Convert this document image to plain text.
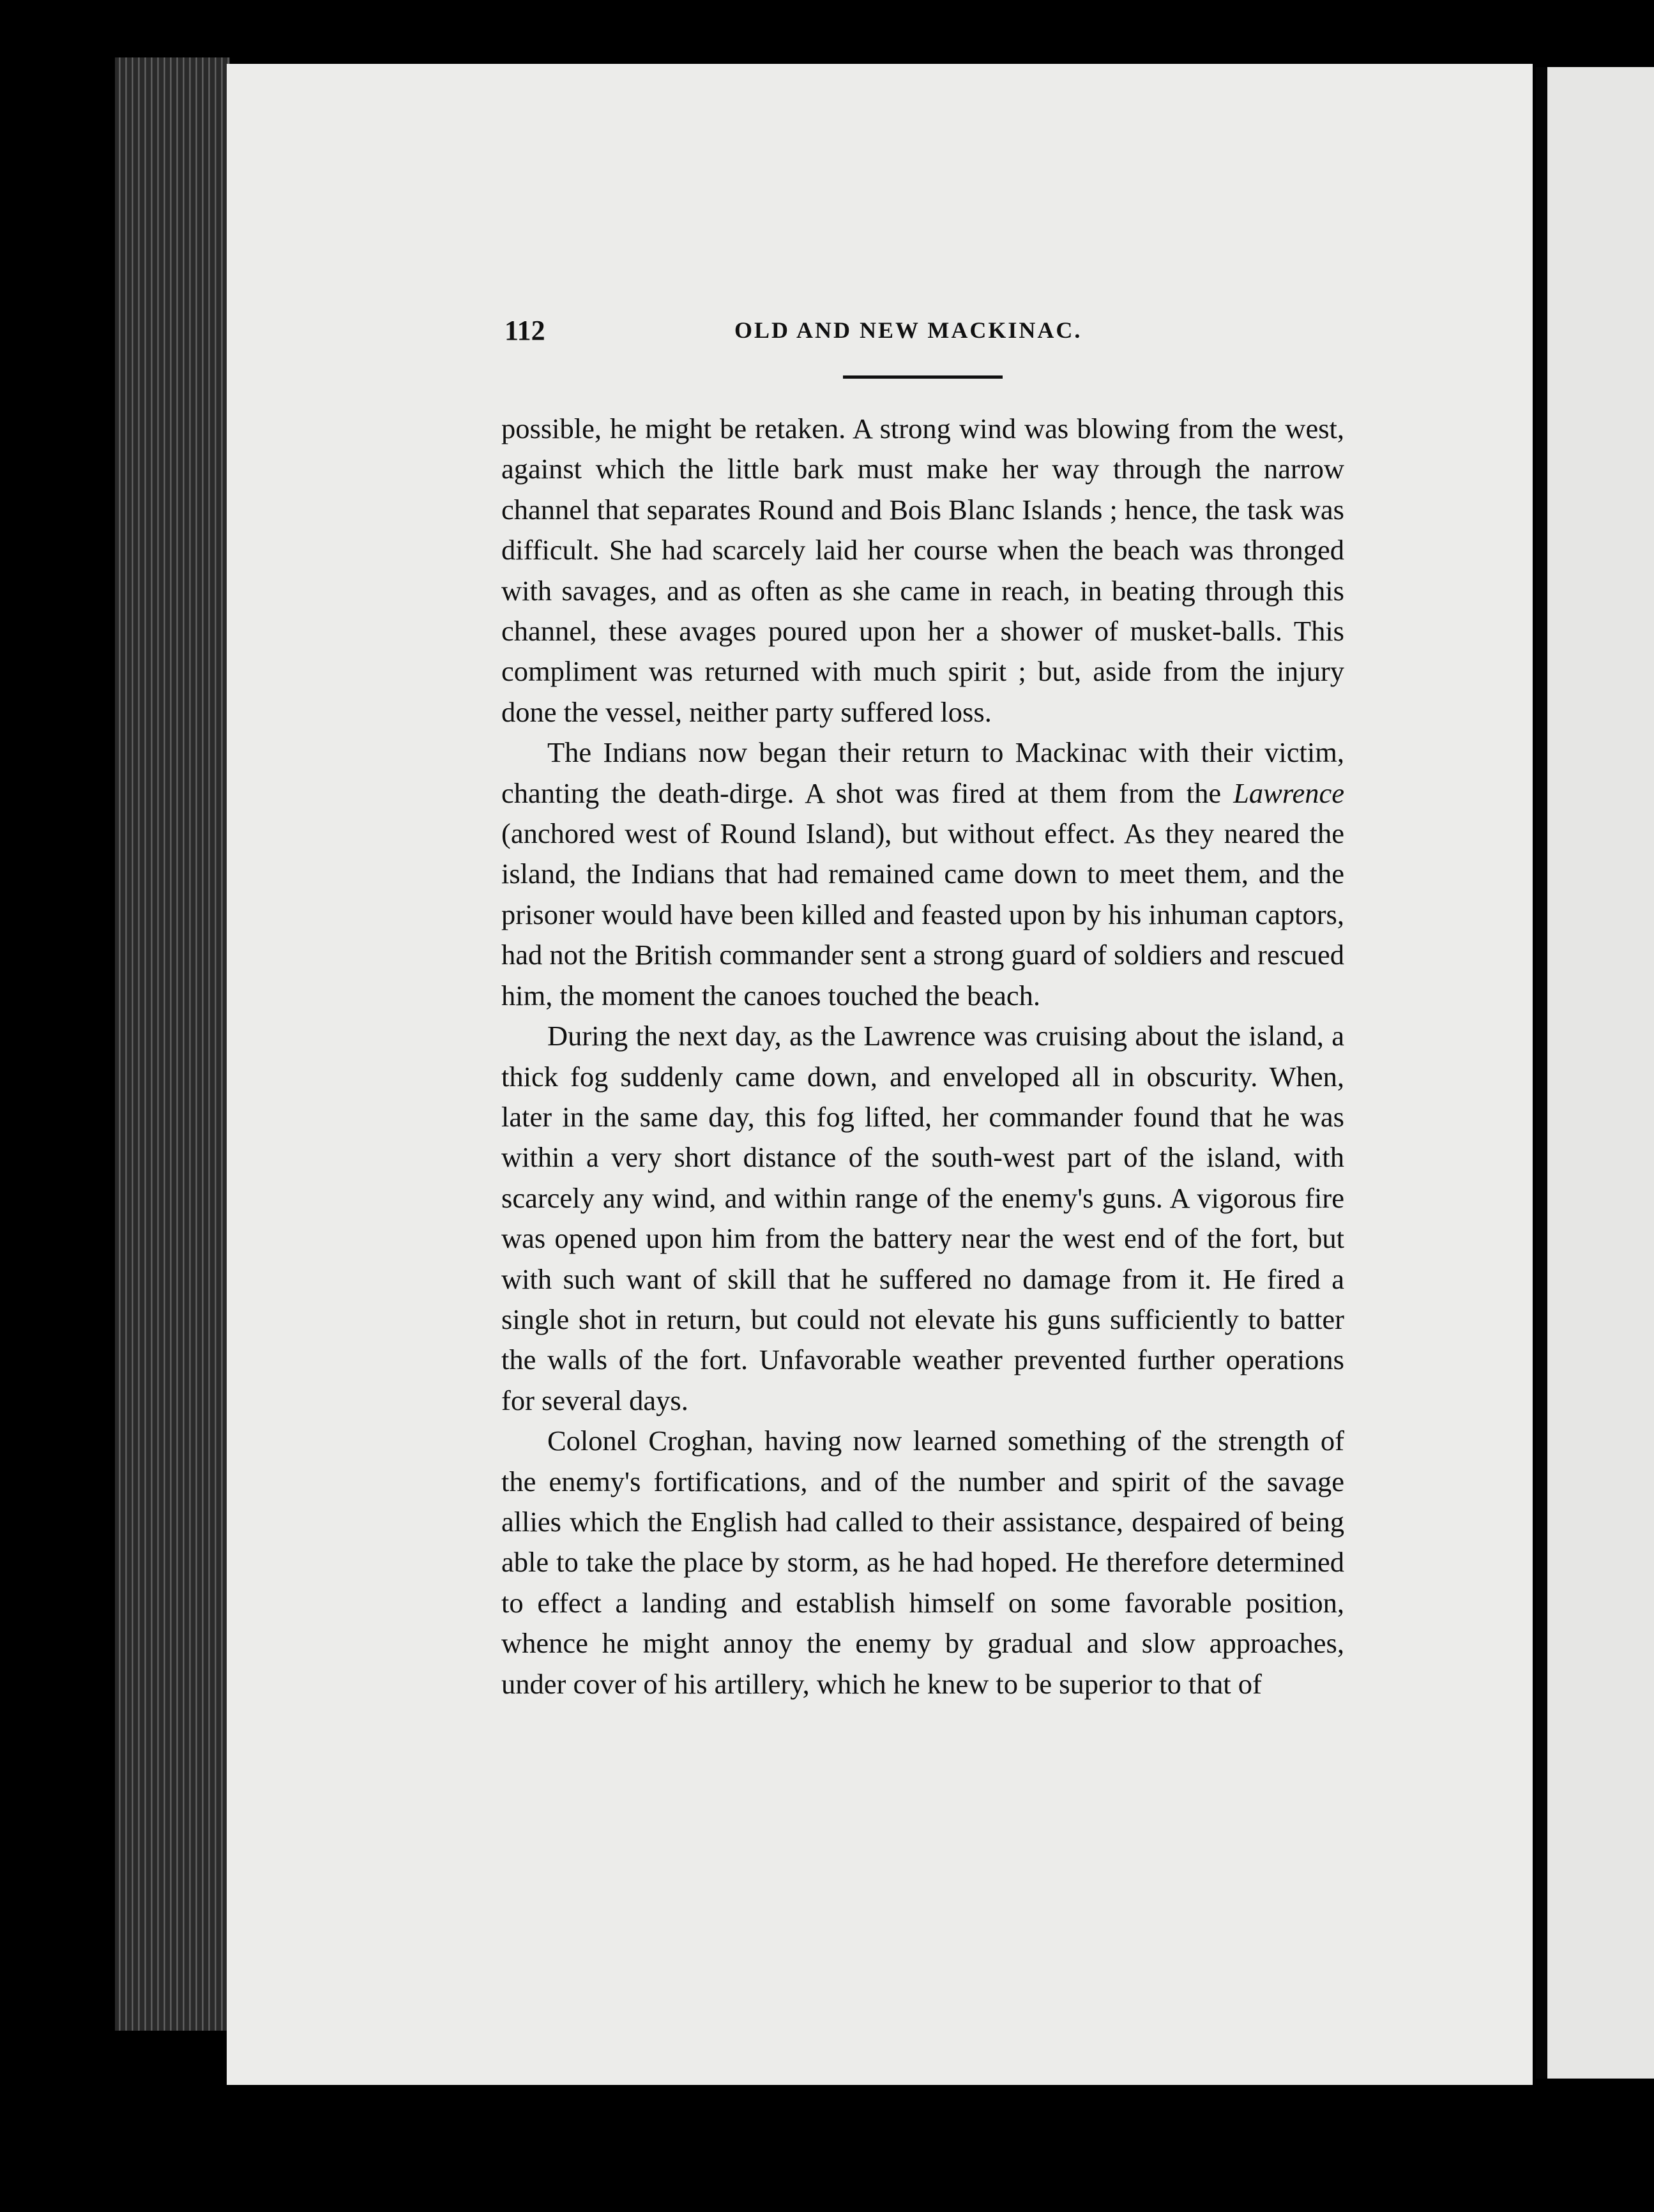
112	OLD AND NEW MACKINAC.

possible, he might be retaken. A strong wind was blowing from the west, against which the little bark must make her way through the narrow channel that separates Round and Bois Blanc Islands ; hence, the task was difficult. She had scarcely laid her course when the beach was thronged with savages, and as often as she came in reach, in beating through this channel, these avages poured upon her a shower of musket-balls. This compliment was returned with much spirit ; but, aside from the injury done the vessel, neither party suffered loss.

The Indians now began their return to Mackinac with their victim, chanting the death-dirge. A shot was fired at them from the Lawrence (anchored west of Round Island), but without effect. As they neared the island, the Indians that had remained came down to meet them, and the prisoner would have been killed and feasted upon by his inhuman captors, had not the British commander sent a strong guard of soldiers and rescued him, the moment the canoes touched the beach.

During the next day, as the Lawrence was cruising about the island, a thick fog suddenly came down, and enveloped all in obscurity. When, later in the same day, this fog lifted, her commander found that he was within a very short distance of the south-west part of the island, with scarcely any wind, and within range of the enemy's guns. A vigorous fire was opened upon him from the battery near the west end of the fort, but with such want of skill that he suffered no damage from it. He fired a single shot in return, but could not elevate his guns sufficiently to batter the walls of the fort. Unfavorable weather prevented further operations for several days.

Colonel Croghan, having now learned something of the strength of the enemy's fortifications, and of the number and spirit of the savage allies which the English had called to their assistance, despaired of being able to take the place by storm, as he had hoped. He therefore determined to effect a landing and establish himself on some favorable position, whence he might annoy the enemy by gradual and slow approaches, under cover of his artillery, which he knew to be superior to that of
